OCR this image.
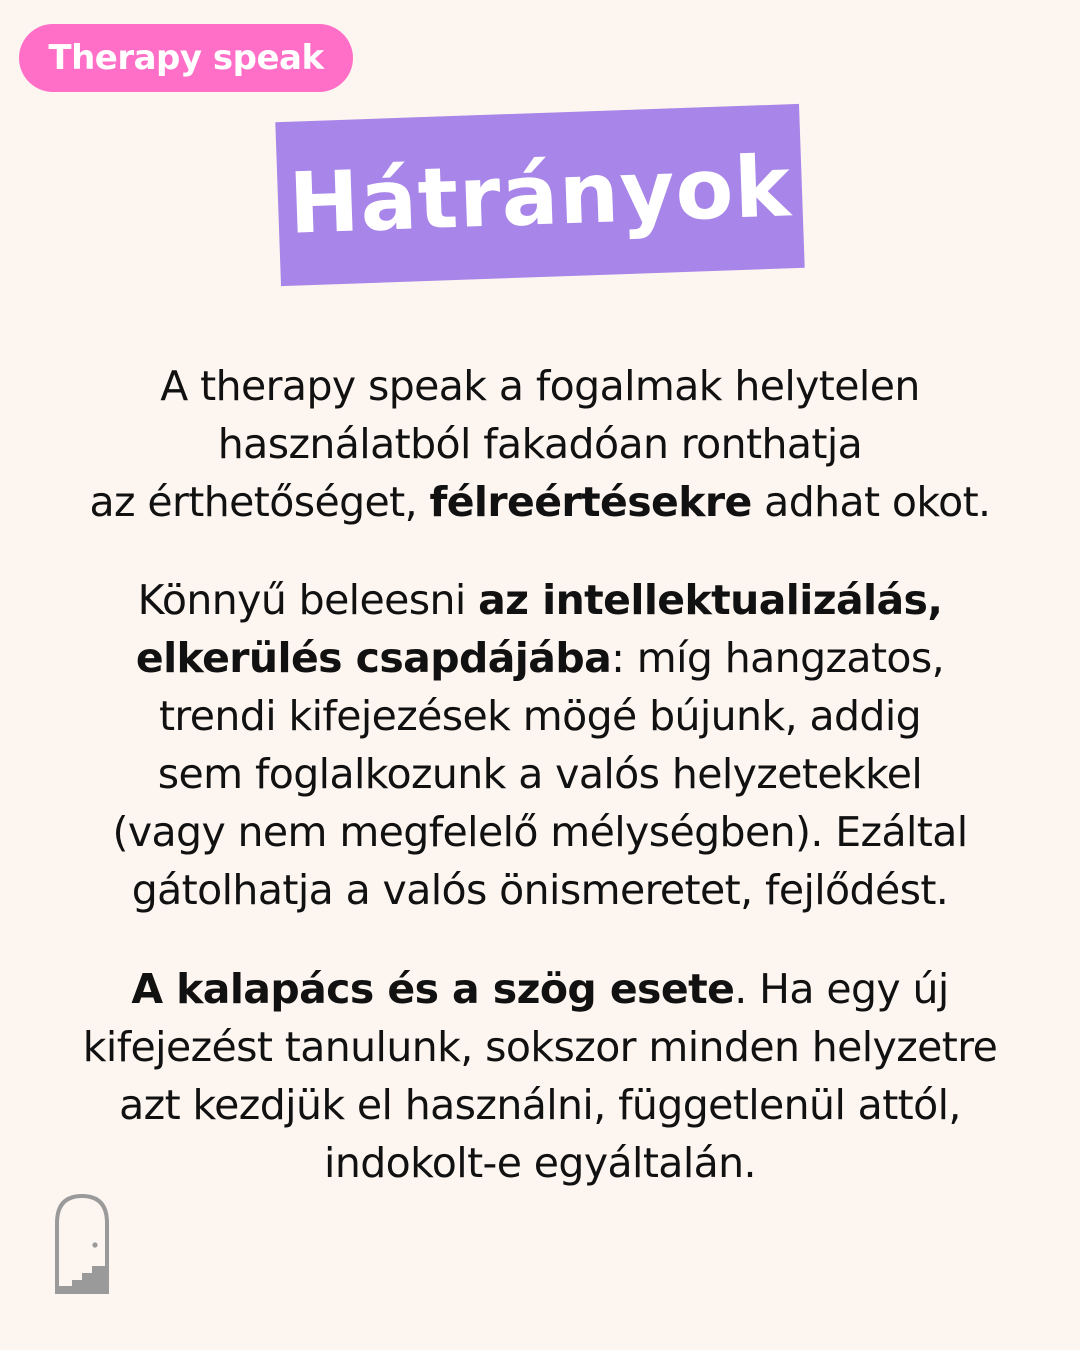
Therapy speak
Hátrányok
A therapy speak a fogalmak helytelen
használatból fakadóan ronthatja
az érthetőséget, félreértésekre adhat okot.
Könnyű beleesni az intellektualizálás,
elkerülés csapdájába: míg hangzatos,
trendi kifejezések mögé bújunk, addig
sem foglalkozunk a valós helyzetekkel
(vagy nem megfelelő mélységben). Ezáltal
gátolhatja a valós önismeretet, fejlődést.
A kalapács és a szög esete. Ha egy új
kifejezést tanulunk, sokszor minden helyzetre
azt kezdjük el használni, függetlenül attól,
indokolt-e egyáltalán.
